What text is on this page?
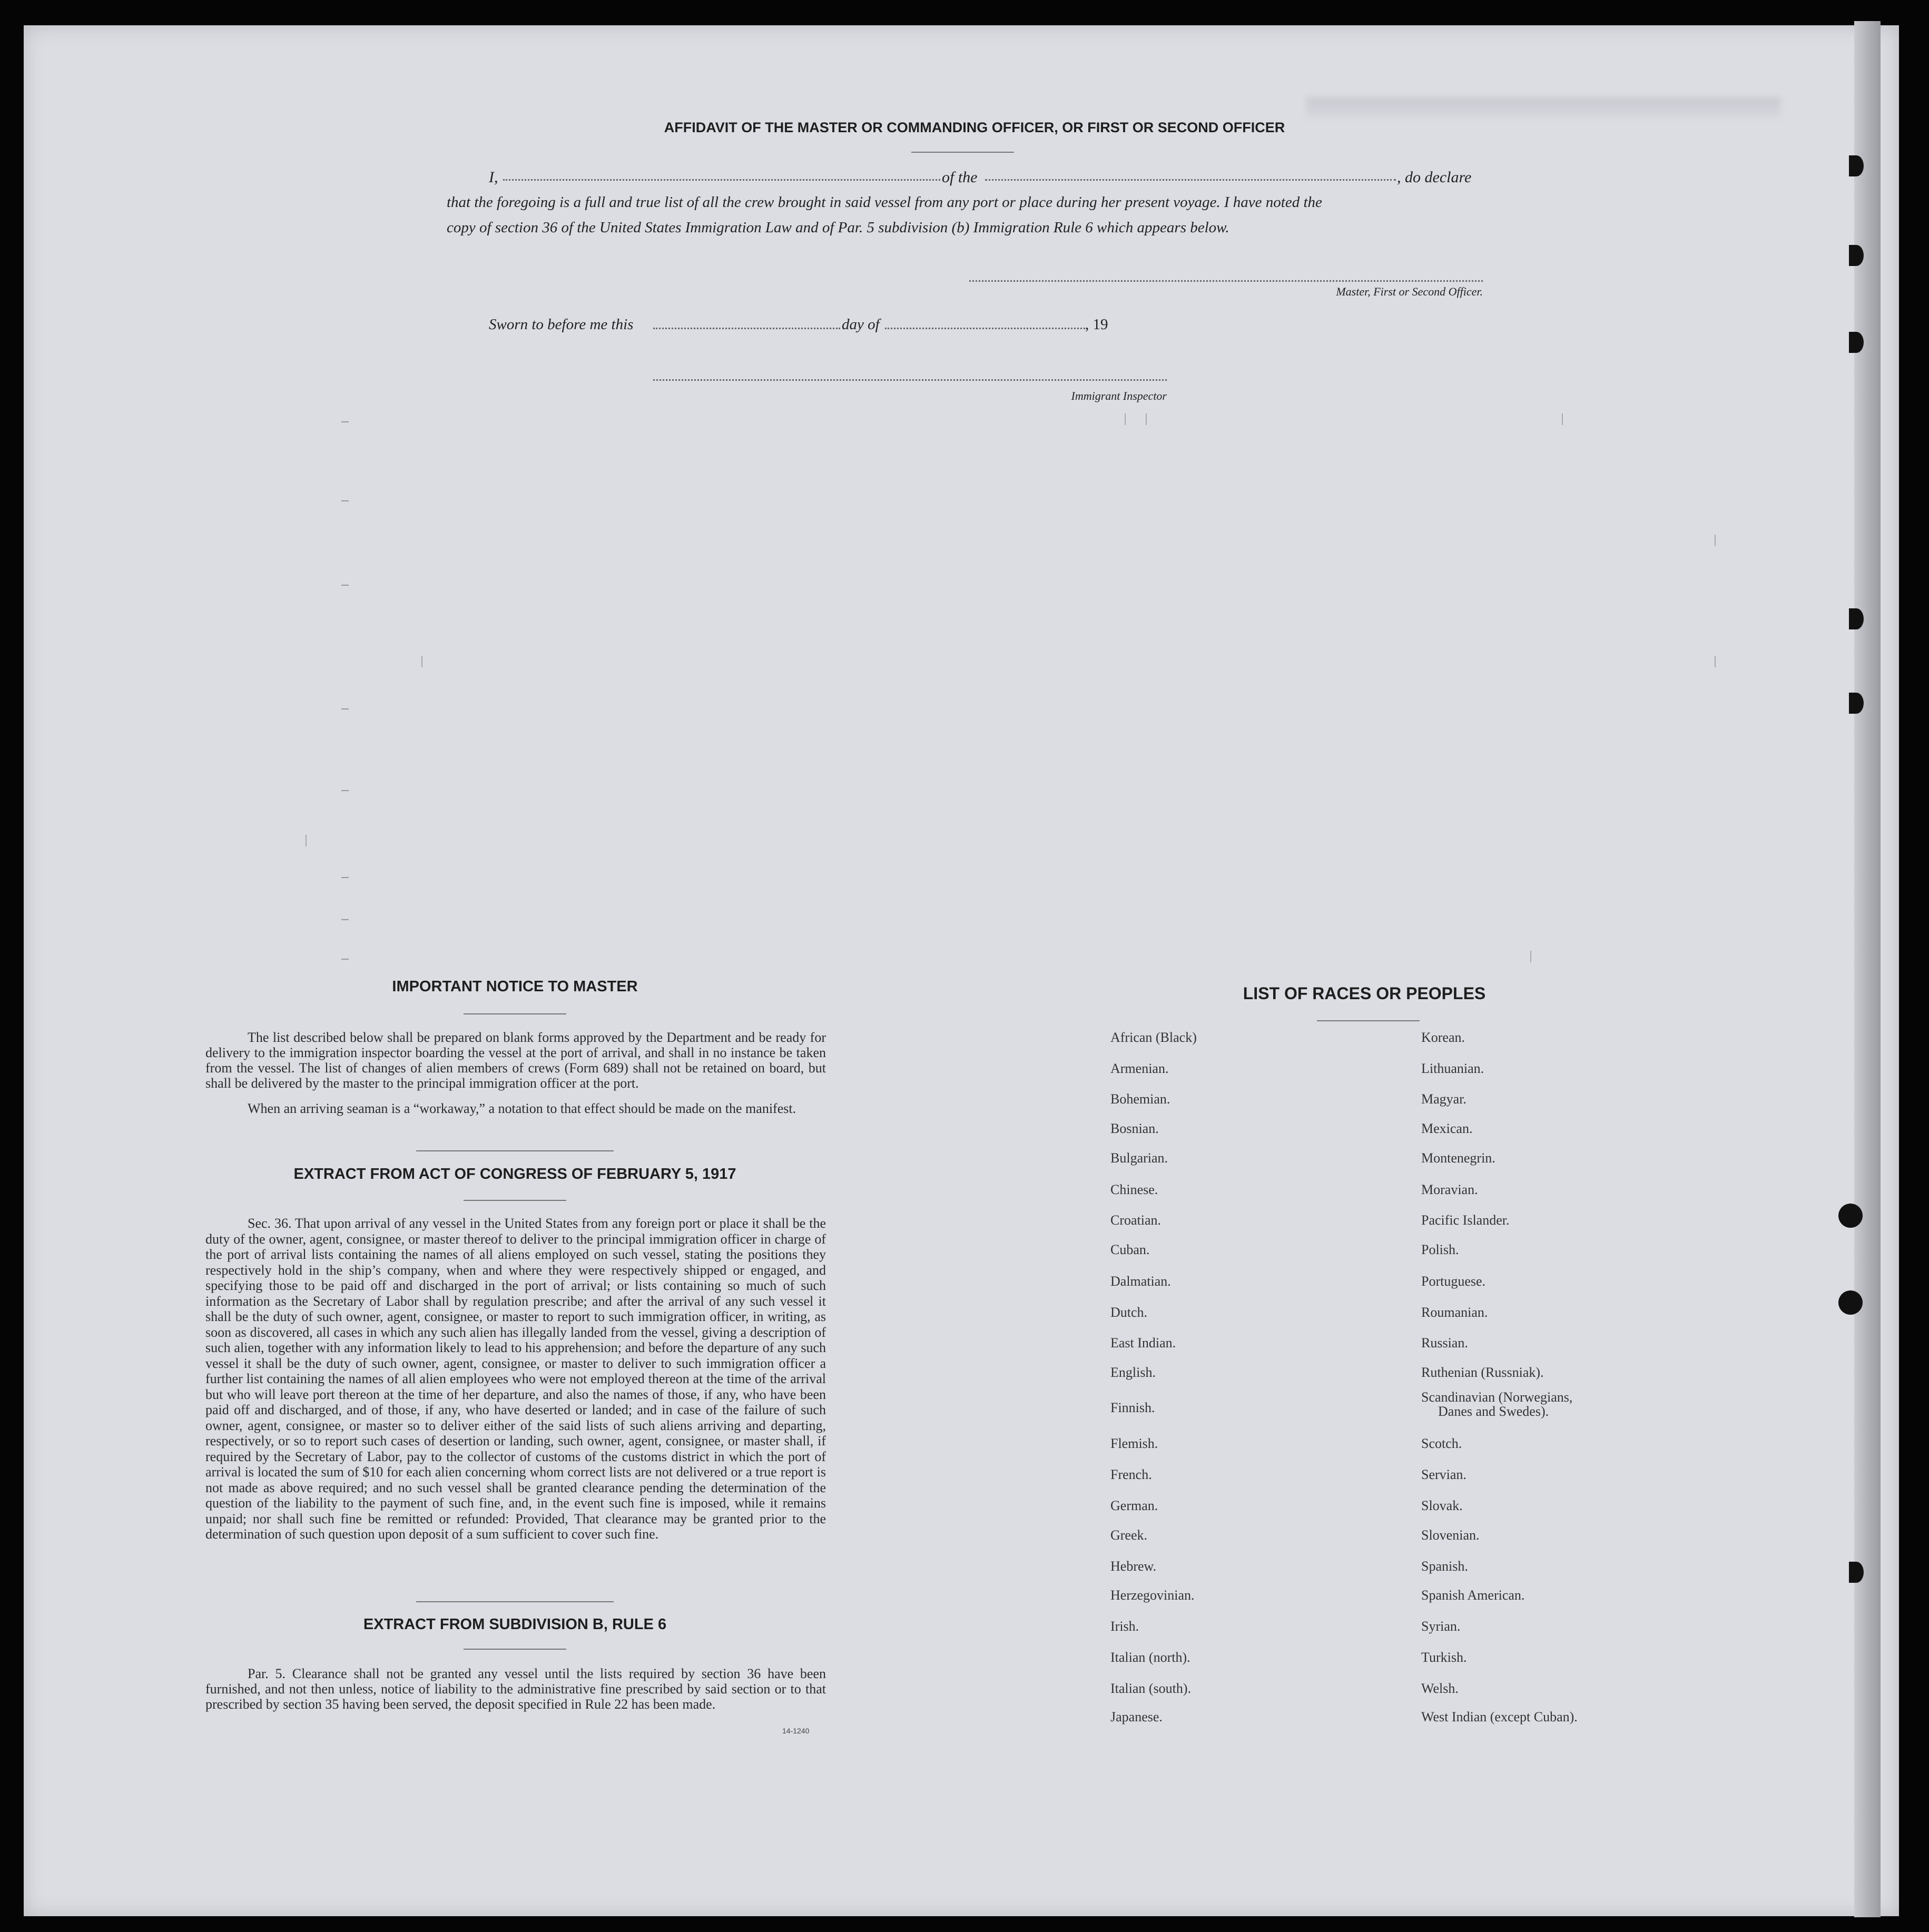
AFFIDAVIT OF THE MASTER OR COMMANDING OFFICER, OR FIRST OR SECOND OFFICER
I,	of the	, do declare
that the foregoing is a full and true list of all the crew brought in said vessel from any port or place during her present voyage. I have noted the
copy of section 36 of the United States Immigration Law and of Par. 5 subdivision (b) Immigration Rule 6 which appears below.
Master, First or Second Officer.
Sworn to before me this	day of	, 19
Immigrant Inspector
IMPORTANT NOTICE TO MASTER
The list described below shall be prepared on blank forms approved by the Department and be ready for delivery to the immigration inspector boarding the vessel at the port of arrival, and shall in no instance be taken from the vessel. The list of changes of alien members of crews (Form 689) shall not be retained on board, but shall be delivered by the master to the principal immigration officer at the port.
When an arriving seaman is a “workaway,” a notation to that effect should be made on the manifest.
EXTRACT FROM ACT OF CONGRESS OF FEBRUARY 5, 1917
Sec. 36. That upon arrival of any vessel in the United States from any foreign port or place it shall be the duty of the owner, agent, consignee, or master thereof to deliver to the principal immigration officer in charge of the port of arrival lists containing the names of all aliens employed on such vessel, stating the positions they respectively hold in the ship’s company, when and where they were respectively shipped or engaged, and specifying those to be paid off and discharged in the port of arrival; or lists containing so much of such information as the Secretary of Labor shall by regulation prescribe; and after the arrival of any such vessel it shall be the duty of such owner, agent, consignee, or master to report to such immigration officer, in writing, as soon as discovered, all cases in which any such alien has illegally landed from the vessel, giving a description of such alien, together with any information likely to lead to his apprehension; and before the departure of any such vessel it shall be the duty of such owner, agent, consignee, or master to deliver to such immigration officer a further list containing the names of all alien employees who were not employed thereon at the time of the arrival but who will leave port thereon at the time of her departure, and also the names of those, if any, who have been paid off and discharged, and of those, if any, who have deserted or landed; and in case of the failure of such owner, agent, consignee, or master so to deliver either of the said lists of such aliens arriving and departing, respectively, or so to report such cases of desertion or landing, such owner, agent, consignee, or master shall, if required by the Secretary of Labor, pay to the collector of customs of the customs district in which the port of arrival is located the sum of $10 for each alien concerning whom correct lists are not delivered or a true report is not made as above required; and no such vessel shall be granted clearance pending the determination of the question of the liability to the payment of such fine, and, in the event such fine is imposed, while it remains unpaid; nor shall such fine be remitted or refunded: Provided, That clearance may be granted prior to the determination of such question upon deposit of a sum sufficient to cover such fine.
EXTRACT FROM SUBDIVISION B, RULE 6
Par. 5. Clearance shall not be granted any vessel until the lists required by section 36 have been furnished, and not then unless, notice of liability to the administrative fine prescribed by said section or to that prescribed by section 35 having been served, the deposit specified in Rule 22 has been made.
14-1240
LIST OF RACES OR PEOPLES
African (Black)
Armenian.
Bohemian.
Bosnian.
Bulgarian.
Chinese.
Croatian.
Cuban.
Dalmatian.
Dutch.
East Indian.
English.
Finnish.
Flemish.
French.
German.
Greek.
Hebrew.
Herzegovinian.
Irish.
Italian (north).
Italian (south).
Japanese.
Korean.
Lithuanian.
Magyar.
Mexican.
Montenegrin.
Moravian.
Pacific Islander.
Polish.
Portuguese.
Roumanian.
Russian.
Ruthenian (Russniak).
Scandinavian (Norwegians,
Danes and Swedes).
Scotch.
Servian.
Slovak.
Slovenian.
Spanish.
Spanish American.
Syrian.
Turkish.
Welsh.
West Indian (except Cuban).
